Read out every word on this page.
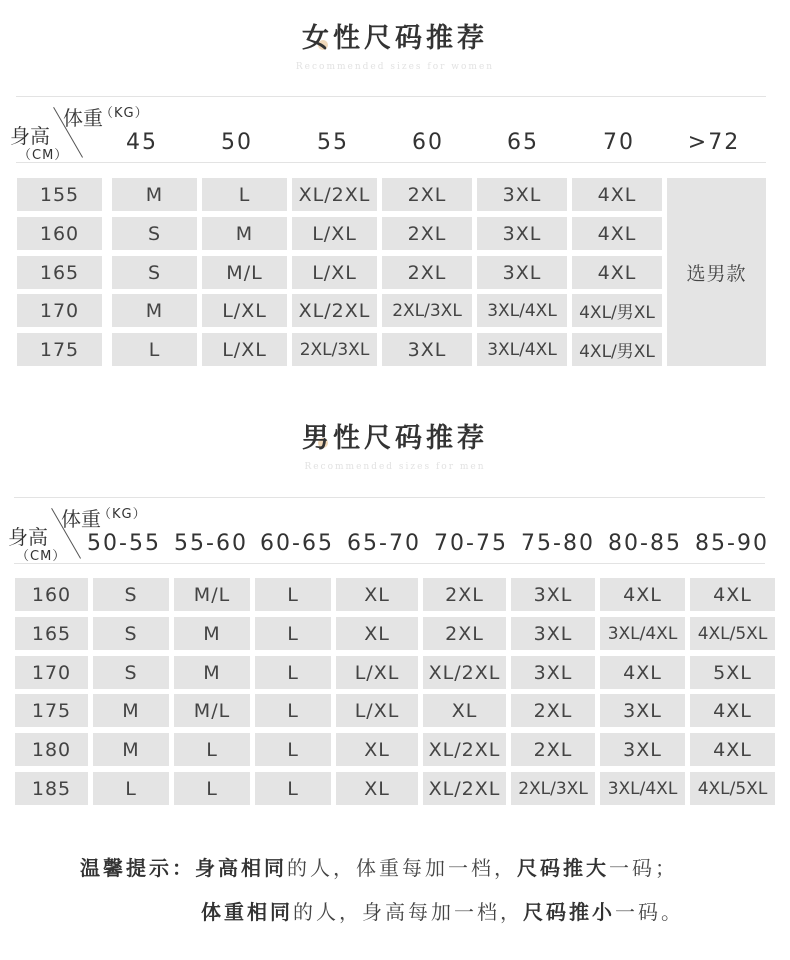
女性尺码推荐
Recommended sizes for women
体重
（KG）
身高
（CM）
45	50	55	60	65	70	>72
155	M	L	XL/2XL	2XL	3XL	4XL
160	S	M	L/XL	2XL	3XL	4XL
165	S	M/L	L/XL	2XL	3XL	4XL
170	M	L/XL	XL/2XL	2XL/3XL	3XL/4XL	4XL/男XL
175	L	L/XL	2XL/3XL	3XL	3XL/4XL	4XL/男XL
选男款
男性尺码推荐
Recommended sizes for men
体重
（KG）
身高
（CM）
50-55 55-60 60-65 65-70 70-75 75-80 80-85 85-90
160	S	M/L	L	XL	2XL	3XL	4XL	4XL
165	S	M	L	XL	2XL	3XL	3XL/4XL	4XL/5XL
170	S	M	L	L/XL	XL/2XL	3XL	4XL	5XL
175	M	M/L	L	L/XL	XL	2XL	3XL	4XL
180	M	L	L	XL	XL/2XL	2XL	3XL	4XL
185	L	L	L	XL	XL/2XL	2XL/3XL	3XL/4XL	4XL/5XL
温馨提示：身高相同的人，体重每加一档，尺码推大一码；
体重相同的人，身高每加一档，尺码推小一码。
